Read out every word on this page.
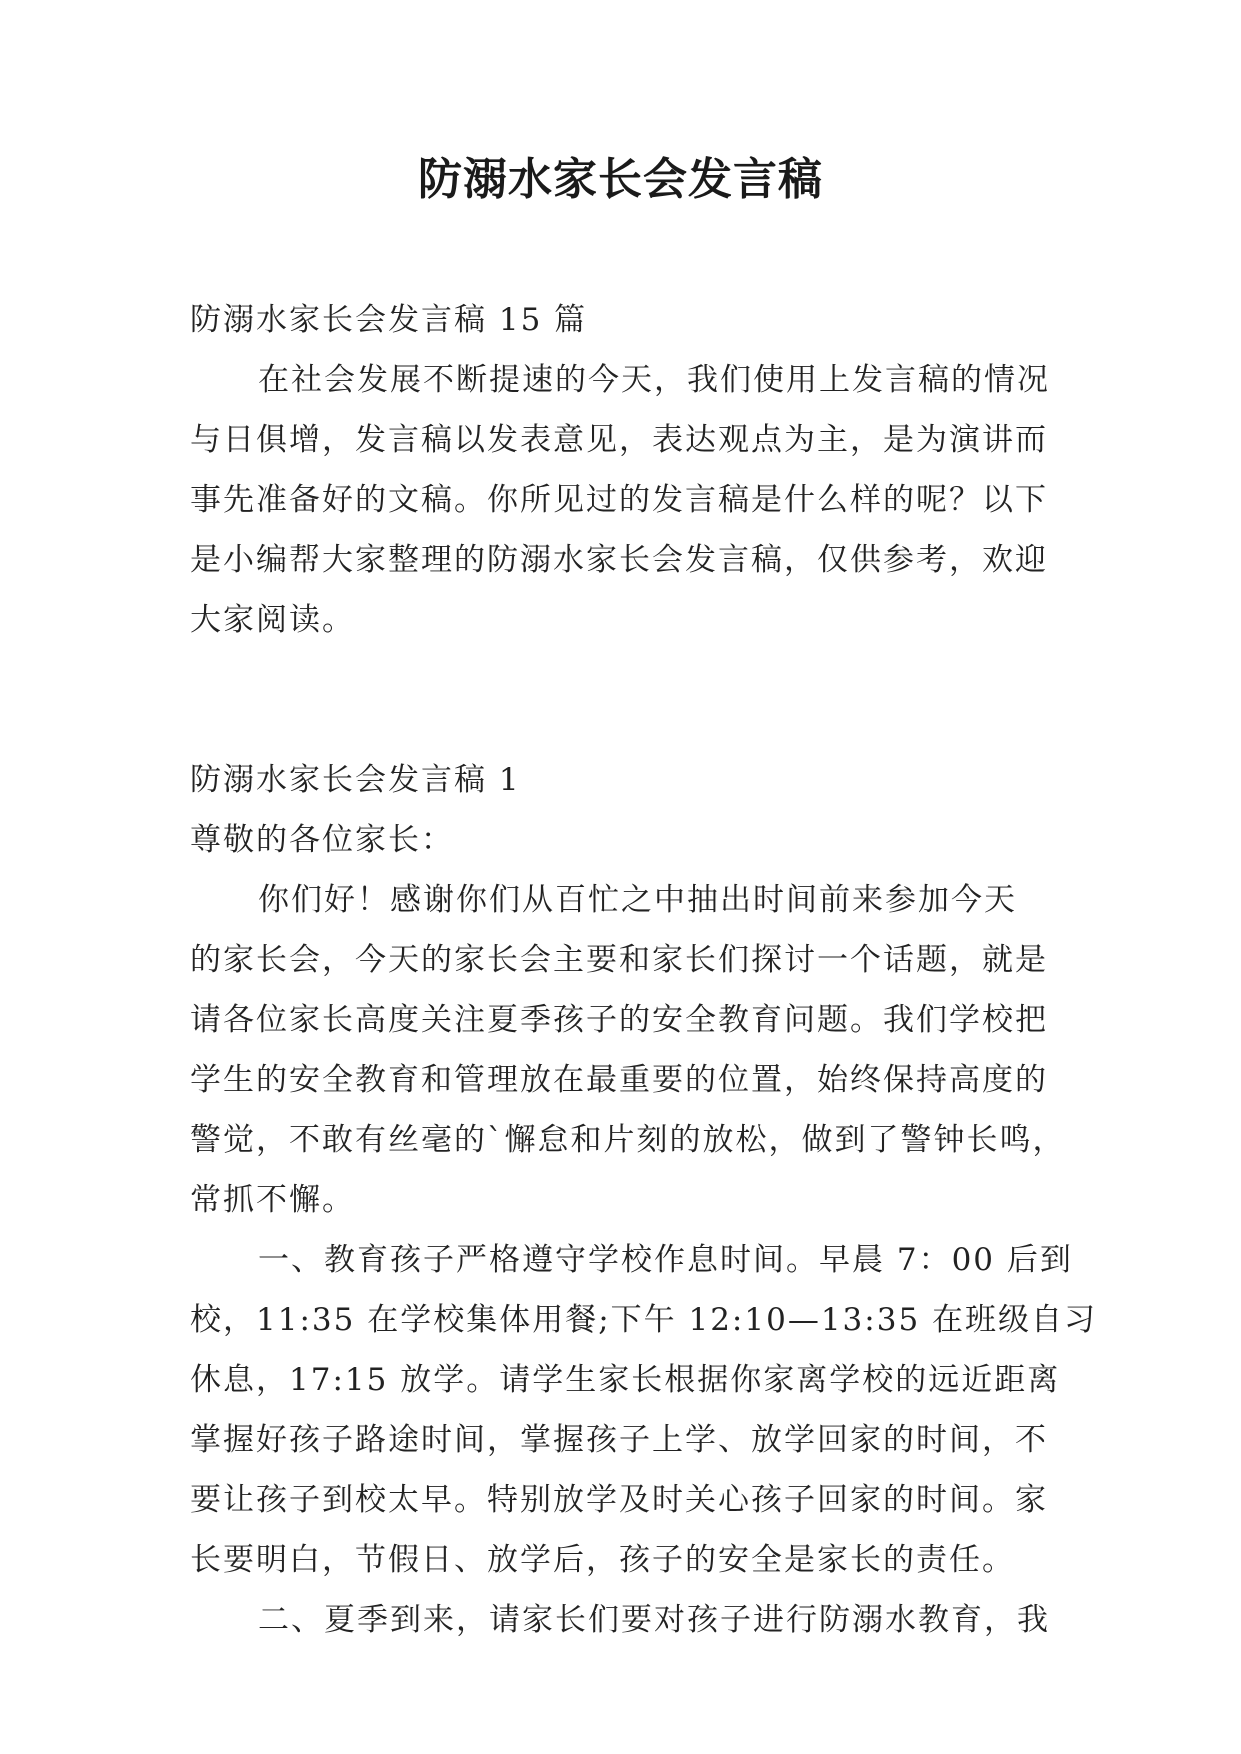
防溺水家长会发言稿
防溺水家长会发言稿 15 篇
在社会发展不断提速的今天，我们使用上发言稿的情况
与日俱增，发言稿以发表意见，表达观点为主，是为演讲而
事先准备好的文稿。你所见过的发言稿是什么样的呢？以下
是小编帮大家整理的防溺水家长会发言稿，仅供参考，欢迎
大家阅读。
防溺水家长会发言稿 1
尊敬的各位家长：
你们好！感谢你们从百忙之中抽出时间前来参加今天
的家长会，今天的家长会主要和家长们探讨一个话题，就是
请各位家长高度关注夏季孩子的安全教育问题。我们学校把
学生的安全教育和管理放在最重要的位置，始终保持高度的
警觉，不敢有丝毫的`懈怠和片刻的放松，做到了警钟长鸣，
常抓不懈。
一、教育孩子严格遵守学校作息时间。早晨 7：00 后到
校，11:35 在学校集体用餐;下午 12:10—13:35 在班级自习
休息，17:15 放学。请学生家长根据你家离学校的远近距离
掌握好孩子路途时间，掌握孩子上学、放学回家的时间，不
要让孩子到校太早。特别放学及时关心孩子回家的时间。家
长要明白，节假日、放学后，孩子的安全是家长的责任。
二、夏季到来，请家长们要对孩子进行防溺水教育，我
